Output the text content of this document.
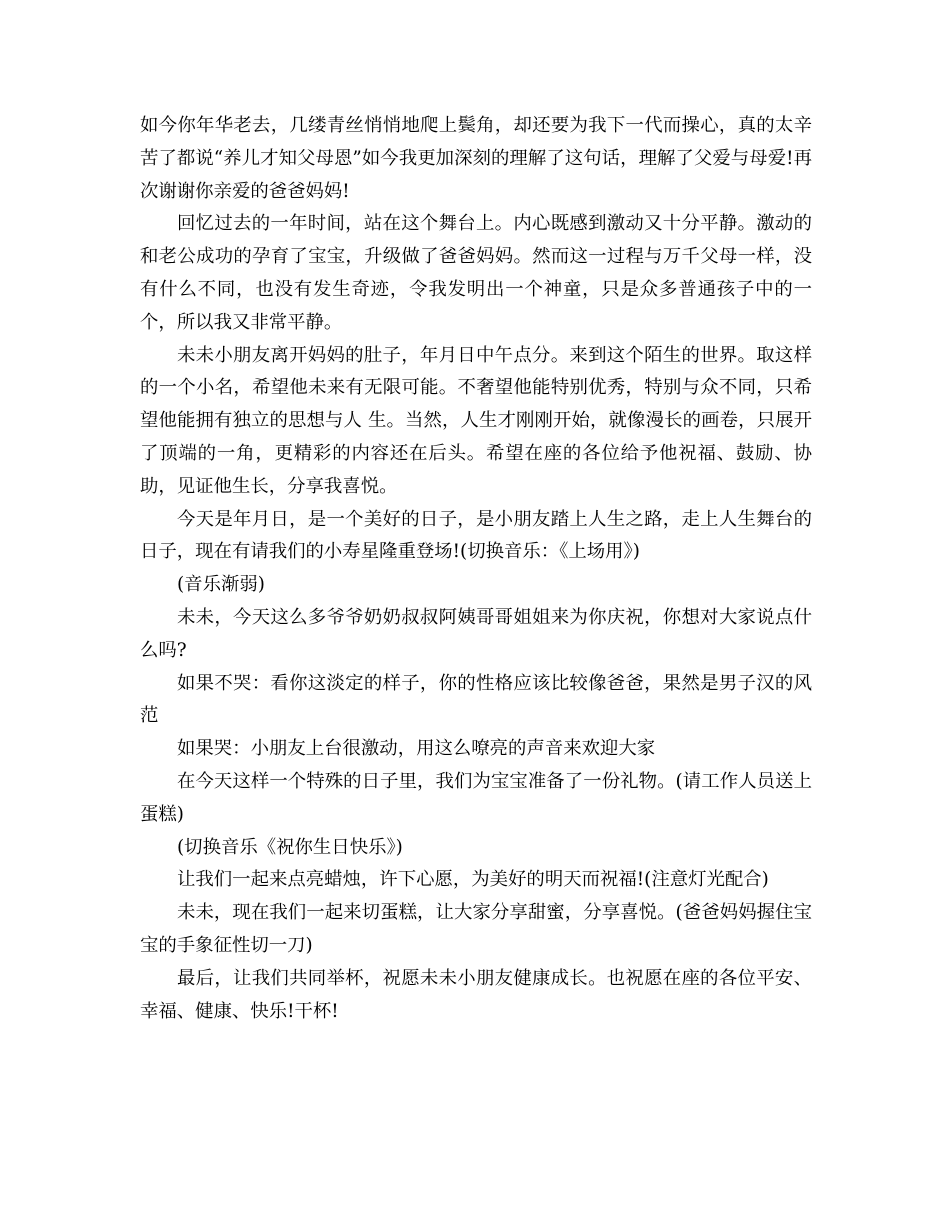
如今你年华老去，几缕青丝悄悄地爬上鬓角，却还要为我下一代而操心，真的太辛苦了都说“养儿才知父母恩”如今我更加深刻的理解了这句话，理解了父爱与母爱!再次谢谢你亲爱的爸爸妈妈!

回忆过去的一年时间，站在这个舞台上。内心既感到激动又十分平静。激动的和老公成功的孕育了宝宝，升级做了爸爸妈妈。然而这一过程与万千父母一样，没有什么不同，也没有发生奇迹，令我发明出一个神童，只是众多普通孩子中的一个，所以我又非常平静。

未未小朋友离开妈妈的肚子，年月日中午点分。来到这个陌生的世界。取这样的一个小名，希望他未来有无限可能。不奢望他能特别优秀，特别与众不同，只希望他能拥有独立的思想与人 生。当然，人生才刚刚开始，就像漫长的画卷，只展开了顶端的一角，更精彩的内容还在后头。希望在座的各位给予他祝福、鼓励、协助，见证他生长，分享我喜悦。

今天是年月日，是一个美好的日子，是小朋友踏上人生之路，走上人生舞台的日子，现在有请我们的小寿星隆重登场!(切换音乐：《上场用》)

(音乐渐弱)

未未，今天这么多爷爷奶奶叔叔阿姨哥哥姐姐来为你庆祝，你想对大家说点什么吗?

如果不哭：看你这淡定的样子，你的性格应该比较像爸爸，果然是男子汉的风范

如果哭：小朋友上台很激动，用这么嘹亮的声音来欢迎大家

在今天这样一个特殊的日子里，我们为宝宝准备了一份礼物。(请工作人员送上蛋糕)

(切换音乐《祝你生日快乐》)

让我们一起来点亮蜡烛，许下心愿，为美好的明天而祝福!(注意灯光配合)

未未，现在我们一起来切蛋糕，让大家分享甜蜜，分享喜悦。(爸爸妈妈握住宝宝的手象征性切一刀)

最后，让我们共同举杯，祝愿未未小朋友健康成长。也祝愿在座的各位平安、幸福、健康、快乐!干杯!
